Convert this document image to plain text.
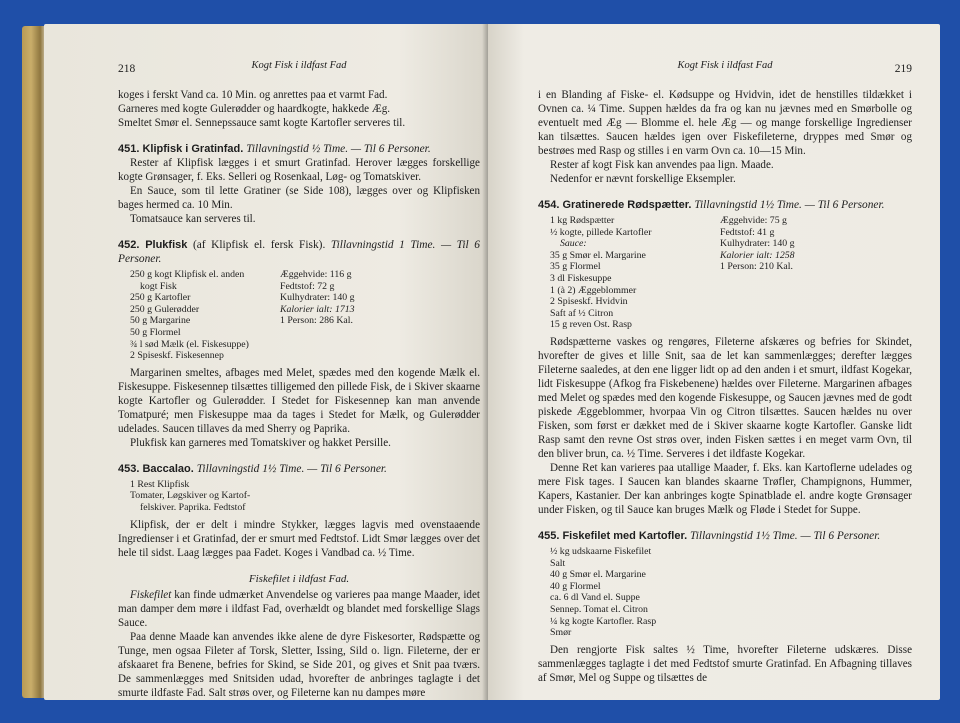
218	Kogt Fisk i ildfast Fad

koges i ferskt Vand ca. 10 Min. og anrettes paa et varmt Fad.

Garneres med kogte Gulerødder og haardkogte, hakkede Æg.

Smeltet Smør el. Sennepssauce samt kogte Kartofler serveres til.

451. Klipfisk i Gratinfad. Tillavningstid ½ Time. — Til 6 Personer.

Rester af Klipfisk lægges i et smurt Gratinfad. Herover lægges forskellige kogte Grønsager, f. Eks. Selleri og Rosenkaal, Løg- og Tomatskiver.

En Sauce, som til lette Gratiner (se Side 108), lægges over og Klipfisken bages hermed ca. 10 Min.

Tomatsauce kan serveres til.

452. Plukfisk (af Klipfisk el. fersk Fisk). Tillavningstid 1 Time. — Til 6 Personer.

250 g kogt Klipfisk el. anden
kogt Fisk
250 g Kartofler
250 g Gulerødder
50 g Margarine
50 g Flormel
¾ l sød Mælk (el. Fiskesuppe)
2 Spiseskf. Fiskesennep
Æggehvide: 116 g
Fedtstof: 72 g
Kulhydrater: 140 g
Kalorier ialt: 1713
1 Person: 286 Kal.

Margarinen smeltes, afbages med Melet, spædes med den kogende Mælk el. Fiskesuppe. Fiskesennep tilsættes tilligemed den pillede Fisk, de i Skiver skaarne kogte Kartofler og Gulerødder. I Stedet for Fiskesennep kan man anvende Tomatpuré; men Fiskesuppe maa da tages i Stedet for Mælk, og Gulerødder udelades. Saucen tillaves da med Sherry og Paprika.

Plukfisk kan garneres med Tomatskiver og hakket Persille.

453. Baccalao. Tillavningstid 1½ Time. — Til 6 Personer.

1 Rest Klipfisk
Tomater, Løgskiver og Kartof-
felskiver. Paprika. Fedtstof

Klipfisk, der er delt i mindre Stykker, lægges lagvis med ovenstaaende Ingredienser i et Gratinfad, der er smurt med Fedtstof. Lidt Smør lægges over det hele til sidst. Laag lægges paa Fadet. Koges i Vandbad ca. ½ Time.

Fiskefilet i ildfast Fad.

Fiskefilet kan finde udmærket Anvendelse og varieres paa mange Maader, idet man damper dem møre i ildfast Fad, overhældt og blandet med forskellige Slags Sauce.

Paa denne Maade kan anvendes ikke alene de dyre Fiskesorter, Rødspætte og Tunge, men ogsaa Fileter af Torsk, Sletter, Issing, Sild o. lign. Fileterne, der er afskaaret fra Benene, befries for Skind, se Side 201, og gives et Snit paa tværs. De sammenlægges med Snitsiden udad, hvorefter de anbringes taglagte i det smurte ildfaste Fad. Salt strøs over, og Fileterne kan nu dampes møre

Kogt Fisk i ildfast Fad	219

i en Blanding af Fiske- el. Kødsuppe og Hvidvin, idet de henstilles tildækket i Ovnen ca. ¼ Time. Suppen hældes da fra og kan nu jævnes med en Smørbolle og eventuelt med Æg — Blomme el. hele Æg — og mange forskellige Ingredienser kan tilsættes. Saucen hældes igen over Fiskefileterne, dryppes med Smør og bestrøes med Rasp og stilles i en varm Ovn ca. 10—15 Min.

Rester af kogt Fisk kan anvendes paa lign. Maade.

Nedenfor er nævnt forskellige Eksempler.

454. Gratinerede Rødspætter. Tillavningstid 1½ Time. — Til 6 Personer.

1 kg Rødspætter
½ kogte, pillede Kartofler
Sauce:
35 g Smør el. Margarine
35 g Flormel
3 dl Fiskesuppe
1 (à 2) Æggeblommer
2 Spiseskf. Hvidvin
Saft af ½ Citron
15 g reven Ost. Rasp
Æggehvide: 75 g
Fedtstof: 41 g
Kulhydrater: 140 g
Kalorier ialt: 1258
1 Person: 210 Kal.

Rødspætterne vaskes og rengøres, Fileterne afskæres og befries for Skindet, hvorefter de gives et lille Snit, saa de let kan sammenlægges; derefter lægges Fileterne saaledes, at den ene ligger lidt op ad den anden i et smurt, ildfast Kogekar, lidt Fiskesuppe (Afkog fra Fiskebenene) hældes over Fileterne. Margarinen afbages med Melet og spædes med den kogende Fiskesuppe, og Saucen jævnes med de godt piskede Æggeblommer, hvorpaa Vin og Citron tilsættes. Saucen hældes nu over Fisken, som først er dækket med de i Skiver skaarne kogte Kartofler. Ganske lidt Rasp samt den revne Ost strøs over, inden Fisken sættes i en meget varm Ovn, til den bliver brun, ca. ½ Time. Serveres i det ildfaste Kogekar.

Denne Ret kan varieres paa utallige Maader, f. Eks. kan Kartoflerne udelades og mere Fisk tages. I Saucen kan blandes skaarne Trøfler, Champignons, Hummer, Kapers, Kastanier. Der kan anbringes kogte Spinatblade el. andre kogte Grønsager under Fisken, og til Sauce kan bruges Mælk og Fløde i Stedet for Suppe.

455. Fiskefilet med Kartofler. Tillavningstid 1½ Time. — Til 6 Personer.

½ kg udskaarne Fiskefilet
Salt
40 g Smør el. Margarine
40 g Flormel
ca. 6 dl Vand el. Suppe
Sennep. Tomat el. Citron
¼ kg kogte Kartofler. Rasp
Smør

Den rengjorte Fisk saltes ½ Time, hvorefter Fileterne udskæres. Disse sammenlægges taglagte i det med Fedtstof smurte Gratinfad. En Afbagning tillaves af Smør, Mel og Suppe og tilsættes de
